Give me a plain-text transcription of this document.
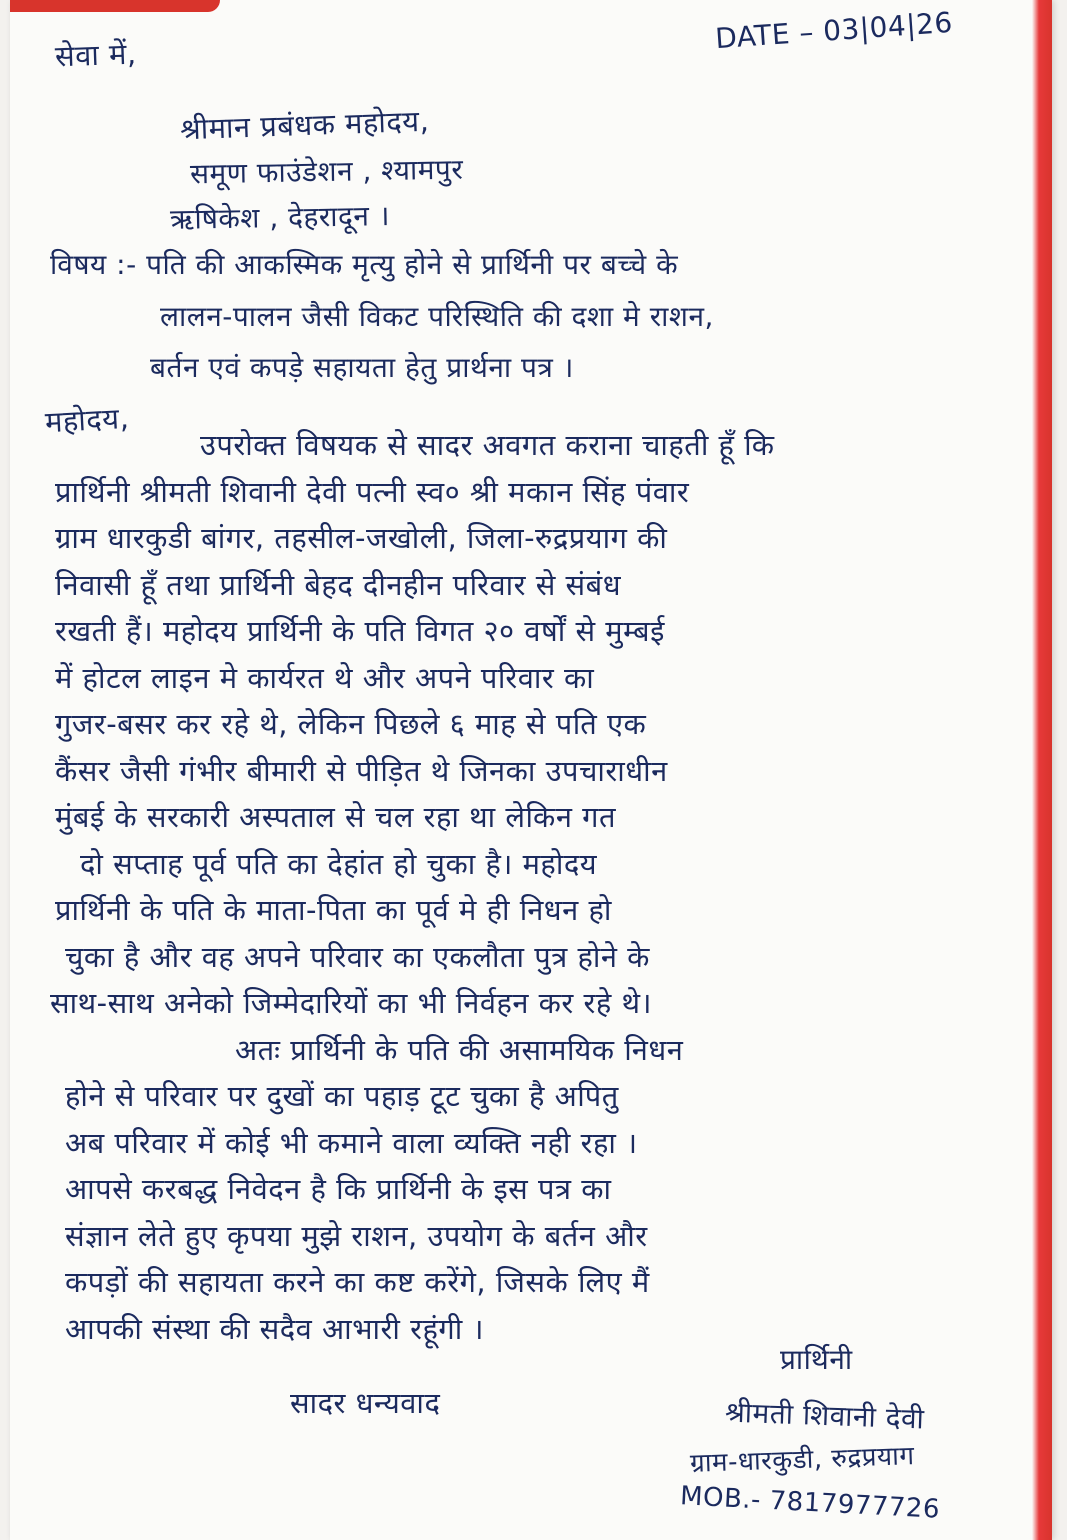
DATE – 03|04|26
सेवा में,
श्रीमान प्रबंधक महोदय,
समूण फाउंडेशन , श्यामपुर
ऋषिकेश , देहरादून ।
विषय :- पति की आकस्मिक मृत्यु होने से प्रार्थिनी पर बच्चे के
लालन-पालन जैसी विकट परिस्थिति की दशा मे राशन,
बर्तन एवं कपड़े सहायता हेतु प्रार्थना पत्र ।
महोदय,
उपरोक्त विषयक से सादर अवगत कराना चाहती हूँ कि
प्रार्थिनी श्रीमती शिवानी देवी पत्नी स्व० श्री मकान सिंह पंवार
ग्राम धारकुडी बांगर, तहसील-जखोली, जिला-रुद्रप्रयाग की
निवासी हूँ तथा प्रार्थिनी बेहद दीनहीन परिवार से संबंध
रखती हैं। महोदय प्रार्थिनी के पति विगत २० वर्षों से मुम्बई
में होटल लाइन मे कार्यरत थे और अपने परिवार का
गुजर-बसर कर रहे थे, लेकिन पिछले ६ माह से पति एक
कैंसर जैसी गंभीर बीमारी से पीड़ित थे जिनका उपचाराधीन
मुंबई के सरकारी अस्पताल से चल रहा था लेकिन गत
दो सप्ताह पूर्व पति का देहांत हो चुका है। महोदय
प्रार्थिनी के पति के माता-पिता का पूर्व मे ही निधन हो
चुका है और वह अपने परिवार का एकलौता पुत्र होने के
साथ-साथ अनेको जिम्मेदारियों का भी निर्वहन कर रहे थे।
अतः प्रार्थिनी के पति की असामयिक निधन
होने से परिवार पर दुखों का पहाड़ टूट चुका है अपितु
अब परिवार में कोई भी कमाने वाला व्यक्ति नही रहा ।
आपसे करबद्ध निवेदन है कि प्रार्थिनी के इस पत्र का
संज्ञान लेते हुए कृपया मुझे राशन, उपयोग के बर्तन और
कपड़ों की सहायता करने का कष्ट करेंगे, जिसके लिए मैं
आपकी संस्था की सदैव आभारी रहूंगी ।
सादर धन्यवाद
प्रार्थिनी
श्रीमती शिवानी देवी
ग्राम-धारकुडी, रुद्रप्रयाग
MOB.- 7817977726
